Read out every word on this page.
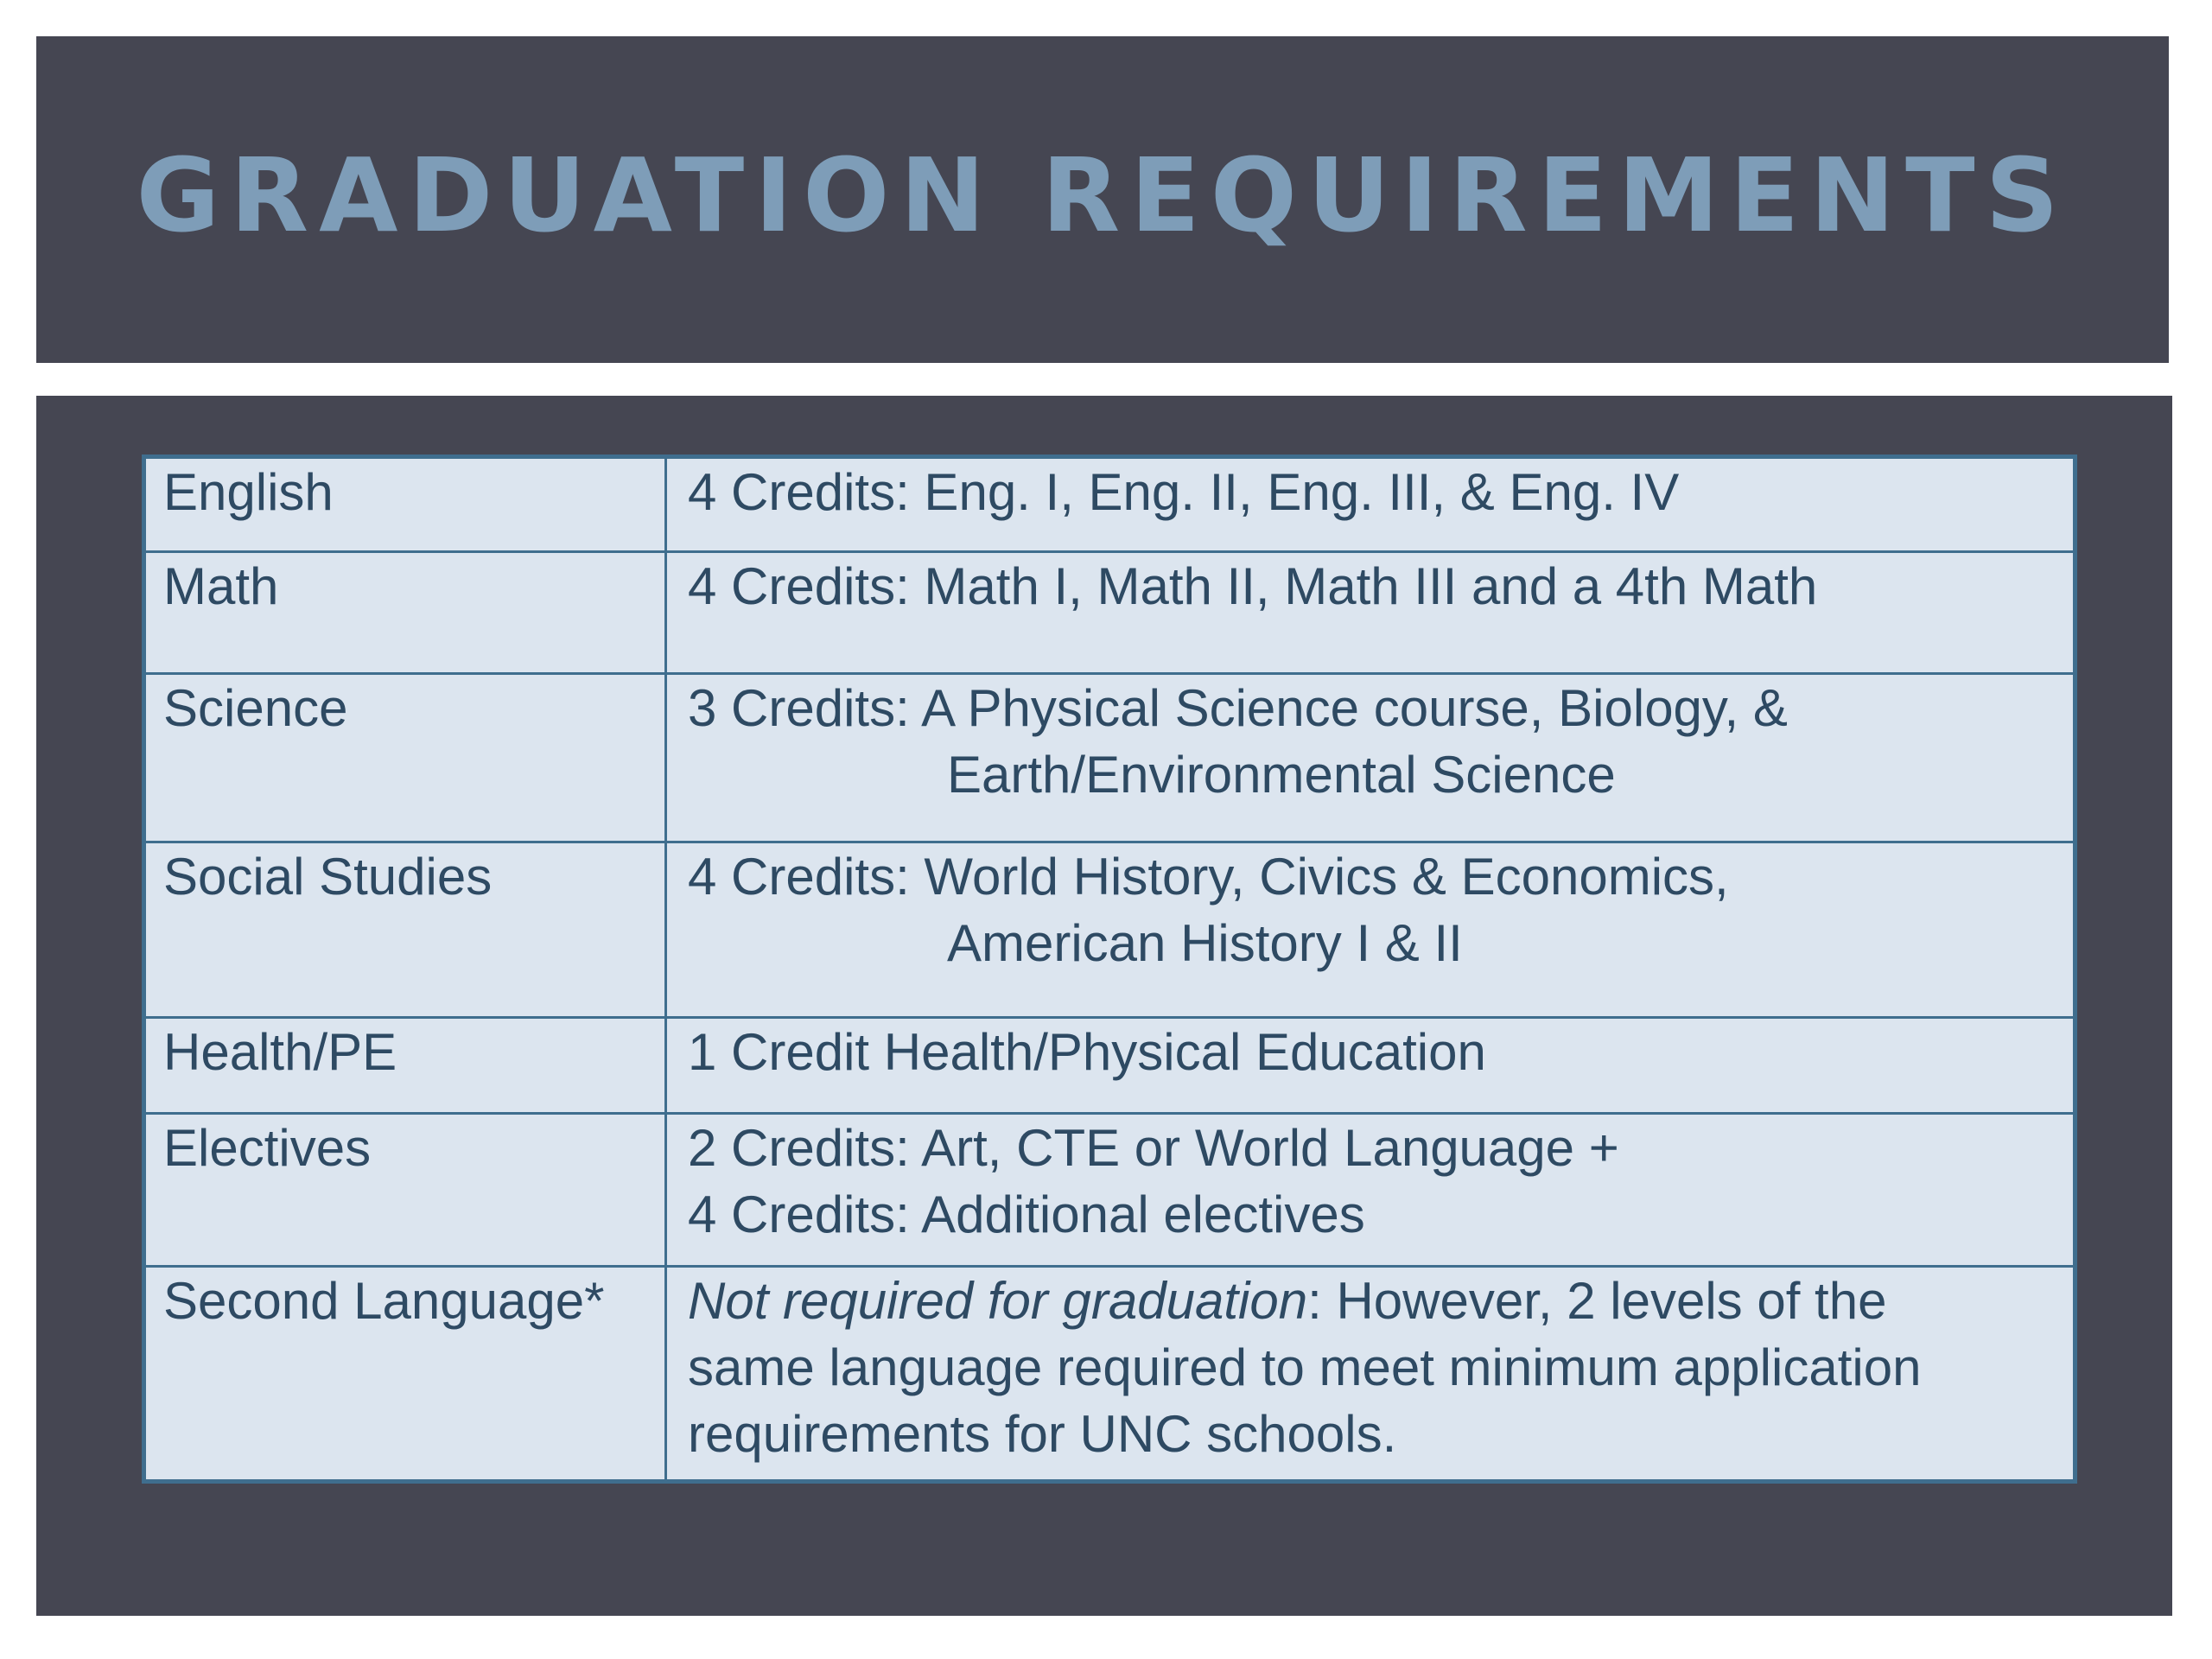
GRADUATION REQUIREMENTS
English	4 Credits: Eng. I, Eng. II, Eng. III, & Eng. IV

Math	4 Credits: Math I, Math II, Math III and a 4th Math

Science	3 Credits: A Physical Science course, Biology, &
Earth/Environmental Science

Social Studies	4 Credits: World History, Civics & Economics,
American History I & II

Health/PE	1 Credit Health/Physical Education

Electives	2 Credits: Art, CTE or World Language +
4 Credits: Additional electives

Second Language*	Not required for graduation: However, 2 levels of the
same language required to meet minimum application
requirements for UNC schools.
